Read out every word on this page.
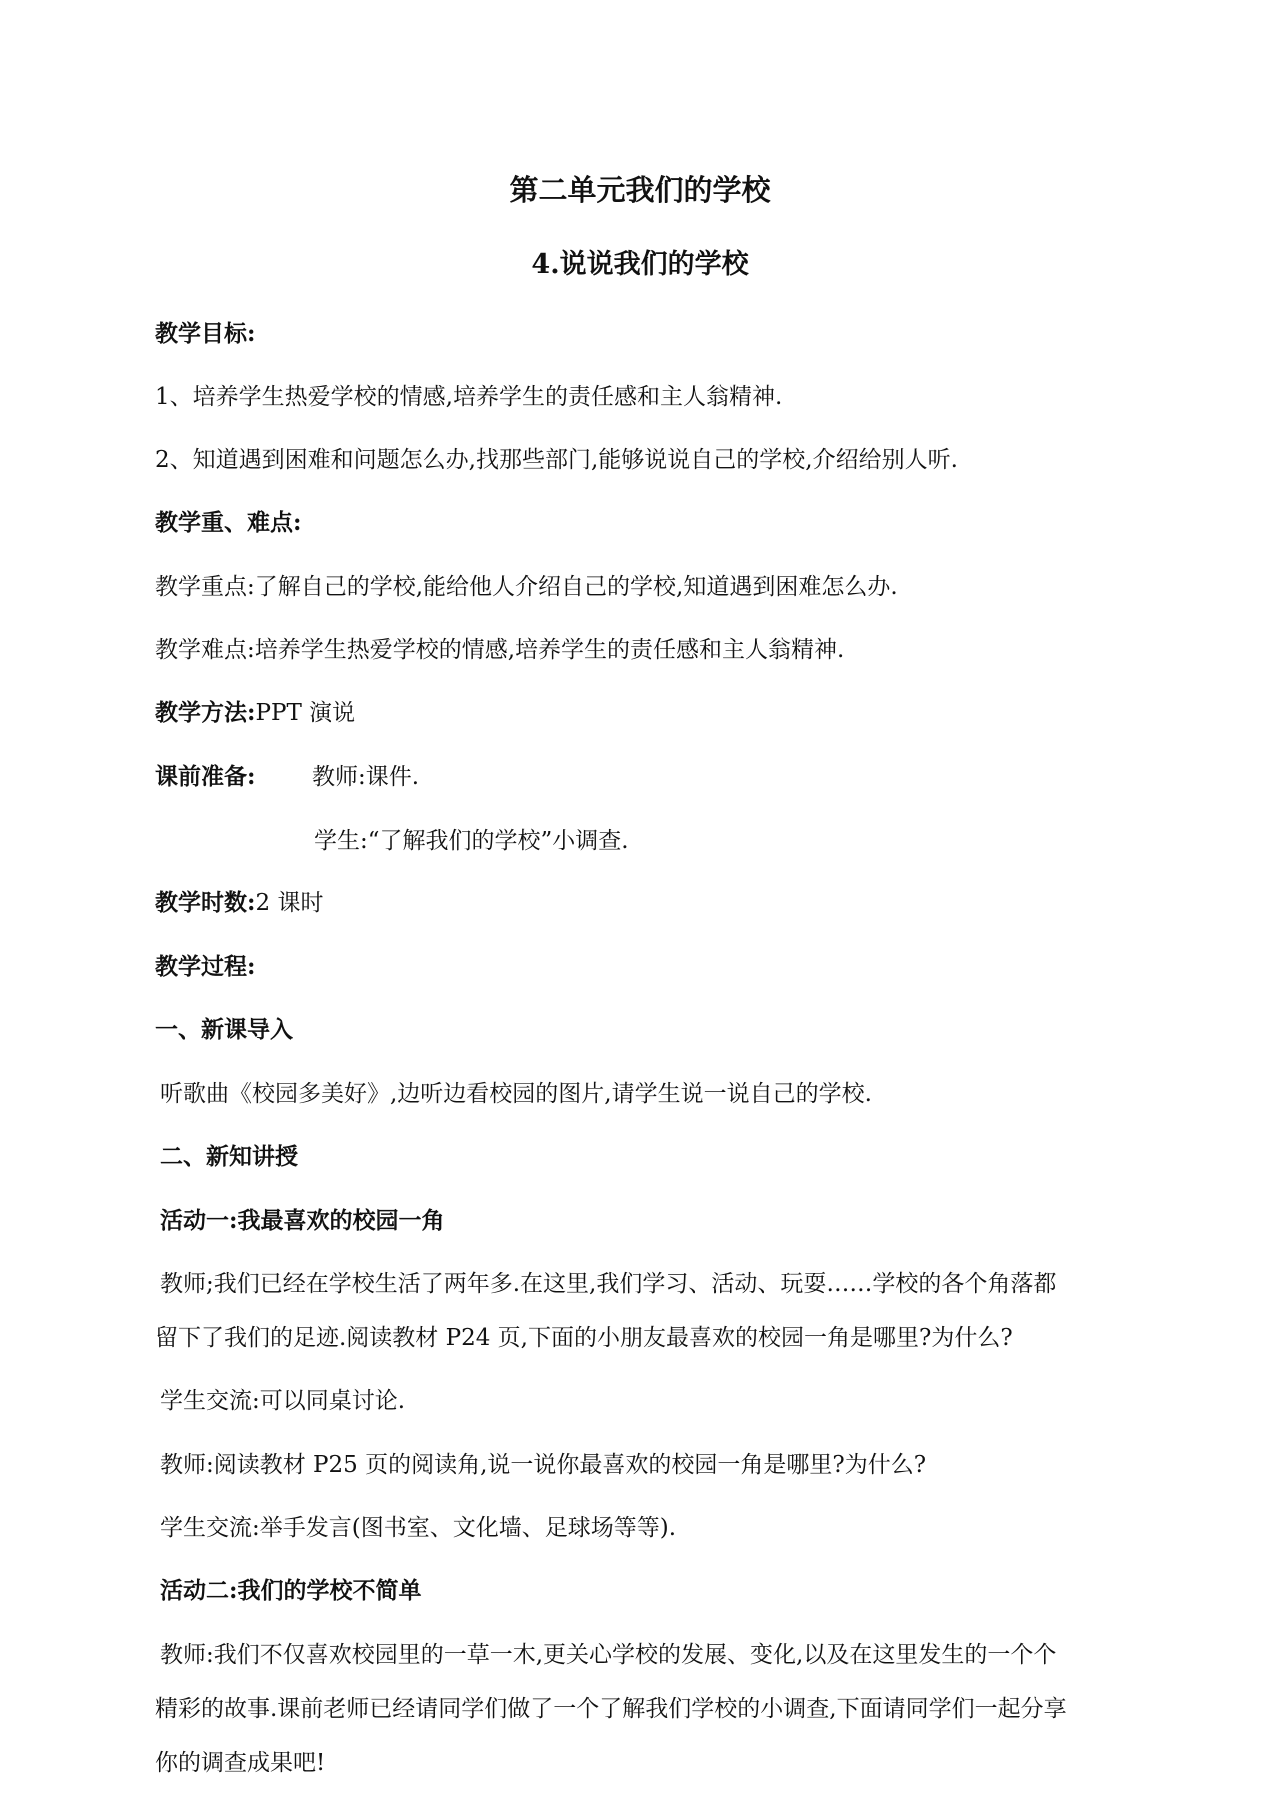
第二单元我们的学校
4.说说我们的学校
教学目标:
1、培养学生热爱学校的情感,培养学生的责任感和主人翁精神.
2、知道遇到困难和问题怎么办,找那些部门,能够说说自己的学校,介绍给别人听.
教学重、难点:
教学重点:了解自己的学校,能给他人介绍自己的学校,知道遇到困难怎么办.
教学难点:培养学生热爱学校的情感,培养学生的责任感和主人翁精神.
教学方法:PPT 演说
课前准备: 教师:课件.
学生:“了解我们的学校”小调查.
教学时数:2 课时
教学过程:
一、新课导入
听歌曲《校园多美好》,边听边看校园的图片,请学生说一说自己的学校.
二、新知讲授
活动一:我最喜欢的校园一角
教师;我们已经在学校生活了两年多.在这里,我们学习、活动、玩耍……学校的各个角落都
留下了我们的足迹.阅读教材 P24 页,下面的小朋友最喜欢的校园一角是哪里?为什么?
学生交流:可以同桌讨论.
教师:阅读教材 P25 页的阅读角,说一说你最喜欢的校园一角是哪里?为什么?
学生交流:举手发言(图书室、文化墙、足球场等等).
活动二:我们的学校不简单
教师:我们不仅喜欢校园里的一草一木,更关心学校的发展、变化,以及在这里发生的一个个
精彩的故事.课前老师已经请同学们做了一个了解我们学校的小调查,下面请同学们一起分享
你的调查成果吧!
